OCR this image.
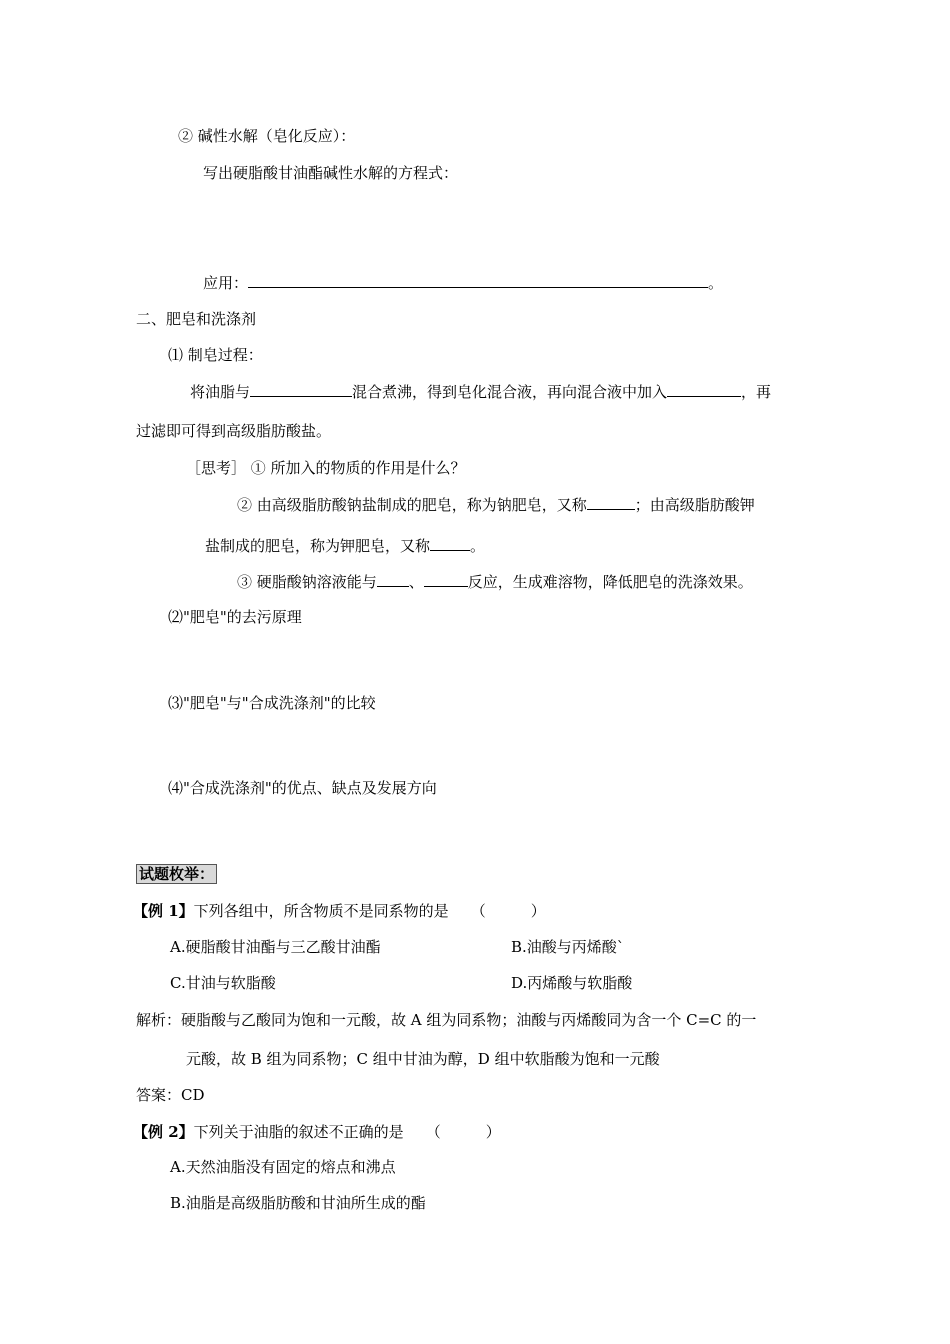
② 碱性水解（皂化反应）：
写出硬脂酸甘油酯碱性水解的方程式：
应用：	。
二、肥皂和洗涤剂
⑴ 制皂过程：
将油脂与	混合煮沸，得到皂化混合液，再向混合液中加入	，再
过滤即可得到高级脂肪酸盐。
［思考］ ① 所加入的物质的作用是什么？
② 由高级脂肪酸钠盐制成的肥皂，称为钠肥皂，又称	；由高级脂肪酸钾
盐制成的肥皂，称为钾肥皂，又称	。
③ 硬脂酸钠溶液能与 、	反应，生成难溶物，降低肥皂的洗涤效果。
⑵"肥皂"的去污原理
⑶"肥皂"与"合成洗涤剂"的比较
⑷"合成洗涤剂"的优点、缺点及发展方向
试题枚举：
【例 1】下列各组中，所含物质不是同系物的是 （　　　）
A.硬脂酸甘油酯与三乙酸甘油酯	B.油酸与丙烯酸`
C.甘油与软脂酸	D.丙烯酸与软脂酸
解析：硬脂酸与乙酸同为饱和一元酸，故 A 组为同系物；油酸与丙烯酸同为含一个 C=C 的一
元酸，故 B 组为同系物；C 组中甘油为醇，D 组中软脂酸为饱和一元酸
答案：CD
【例 2】下列关于油脂的叙述不正确的是 （　　　）
A.天然油脂没有固定的熔点和沸点
B.油脂是高级脂肪酸和甘油所生成的酯
